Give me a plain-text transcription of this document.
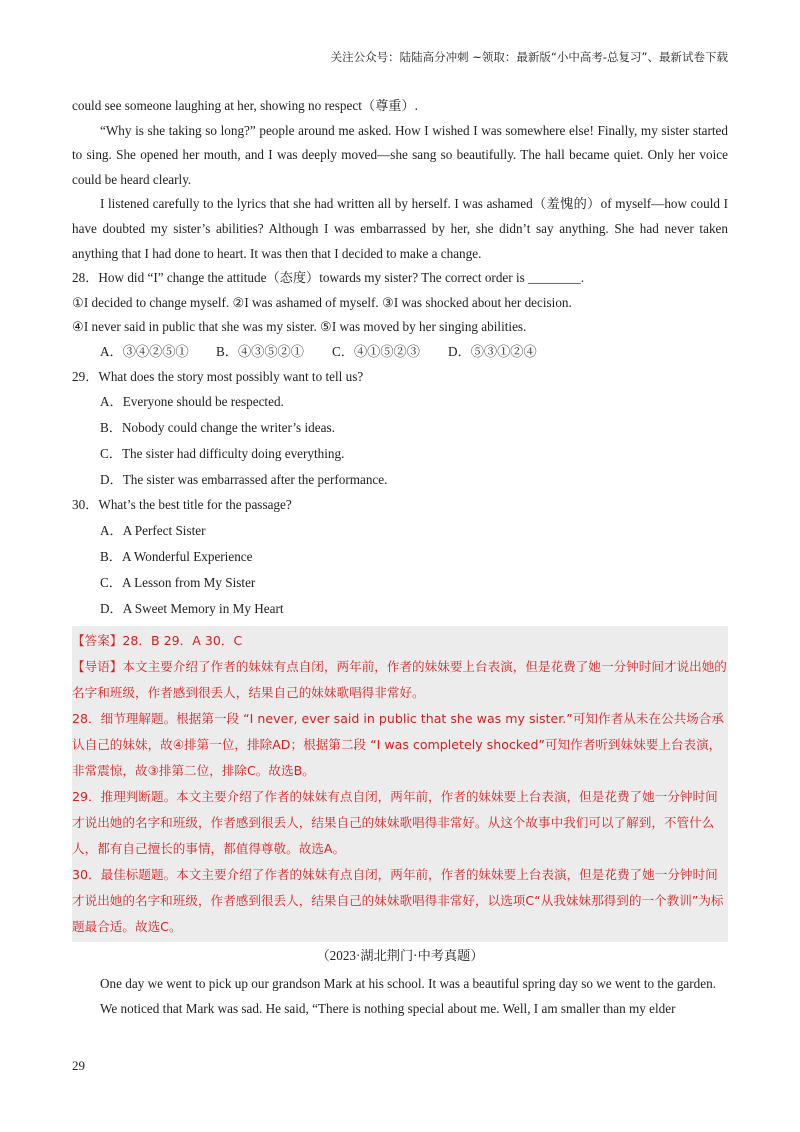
关注公众号：陆陆高分冲刺 ~领取：最新版“小中高考-总复习”、最新试卷下载

could see someone laughing at her, showing no respect（尊重）.

“Why is she taking so long?” people around me asked. How I wished I was somewhere else! Finally, my sister started to sing. She opened her mouth, and I was deeply moved—she sang so beautifully. The hall became quiet. Only her voice could be heard clearly.

I listened carefully to the lyrics that she had written all by herself. I was ashamed（羞愧的）of myself—how could I have doubted my sister’s abilities? Although I was embarrassed by her, she didn’t say anything. She had never taken anything that I had done to heart. It was then that I decided to make a change.

28．How did “I” change the attitude（态度）towards my sister? The correct order is ________.

①I decided to change myself. ②I was ashamed of myself. ③I was shocked about her decision.

④I never said in public that she was my sister. ⑤I was moved by her singing abilities.

A．③④②⑤①	B．④③⑤②①	C．④①⑤②③	D．⑤③①②④

29．What does the story most possibly want to tell us?

A．Everyone should be respected.

B．Nobody could change the writer’s ideas.

C．The sister had difficulty doing everything.

D．The sister was embarrassed after the performance.

30．What’s the best title for the passage?

A．A Perfect Sister

B．A Wonderful Experience

C．A Lesson from My Sister

D．A Sweet Memory in My Heart

【答案】28．B 29．A 30．C

【导语】本文主要介绍了作者的妹妹有点自闭，两年前，作者的妹妹要上台表演，但是花费了她一分钟时间才说出她的名字和班级，作者感到很丢人，结果自己的妹妹歌唱得非常好。

28．细节理解题。根据第一段 “I never, ever said in public that she was my sister.”可知作者从未在公共场合承认自己的妹妹，故④排第一位，排除AD；根据第二段 “I was completely shocked”可知作者听到妹妹要上台表演，非常震惊，故③排第二位，排除C。故选B。

29．推理判断题。本文主要介绍了作者的妹妹有点自闭，两年前，作者的妹妹要上台表演，但是花费了她一分钟时间才说出她的名字和班级，作者感到很丢人，结果自己的妹妹歌唱得非常好。从这个故事中我们可以了解到，不管什么人，都有自己擅长的事情，都值得尊敬。故选A。

30．最佳标题题。本文主要介绍了作者的妹妹有点自闭，两年前，作者的妹妹要上台表演，但是花费了她一分钟时间才说出她的名字和班级，作者感到很丢人，结果自己的妹妹歌唱得非常好，以选项C“从我妹妹那得到的一个教训”为标题最合适。故选C。

（2023·湖北荆门·中考真题）

One day we went to pick up our grandson Mark at his school. It was a beautiful spring day so we went to the garden.

We noticed that Mark was sad. He said, “There is nothing special about me. Well, I am smaller than my elder

29
